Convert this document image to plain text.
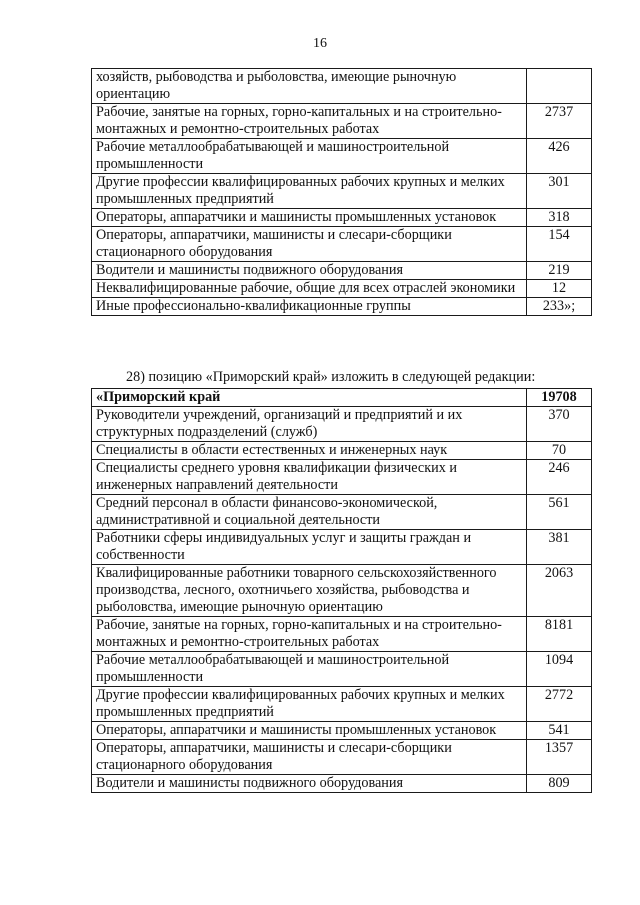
16
хозяйств, рыбоводства и рыболовства, имеющие рыночную ориентацию	
Рабочие, занятые на горных, горно-капитальных и на строительно-монтажных и ремонтно-строительных работах	2737
Рабочие металлообрабатывающей и машиностроительной промышленности	426
Другие профессии квалифицированных рабочих крупных и мелких промышленных предприятий	301
Операторы, аппаратчики и машинисты промышленных установок	318
Операторы, аппаратчики, машинисты и слесари-сборщики стационарного оборудования	154
Водители и машинисты подвижного оборудования	219
Неквалифицированные рабочие, общие для всех отраслей экономики	12
Иные профессионально-квалификационные группы	233»;
28) позицию «Приморский край» изложить в следующей редакции:
«Приморский край	19708
Руководители учреждений, организаций и предприятий и их структурных подразделений (служб)	370
Специалисты в области естественных и инженерных наук	70
Специалисты среднего уровня квалификации физических и инженерных направлений деятельности	246
Средний персонал в области финансово-экономической, административной и социальной деятельности	561
Работники сферы индивидуальных услуг и защиты граждан и собственности	381
Квалифицированные работники товарного сельскохозяйственного производства, лесного, охотничьего хозяйства, рыбоводства и рыболовства, имеющие рыночную ориентацию	2063
Рабочие, занятые на горных, горно-капитальных и на строительно-монтажных и ремонтно-строительных работах	8181
Рабочие металлообрабатывающей и машиностроительной промышленности	1094
Другие профессии квалифицированных рабочих крупных и мелких промышленных предприятий	2772
Операторы, аппаратчики и машинисты промышленных установок	541
Операторы, аппаратчики, машинисты и слесари-сборщики стационарного оборудования	1357
Водители и машинисты подвижного оборудования	809
